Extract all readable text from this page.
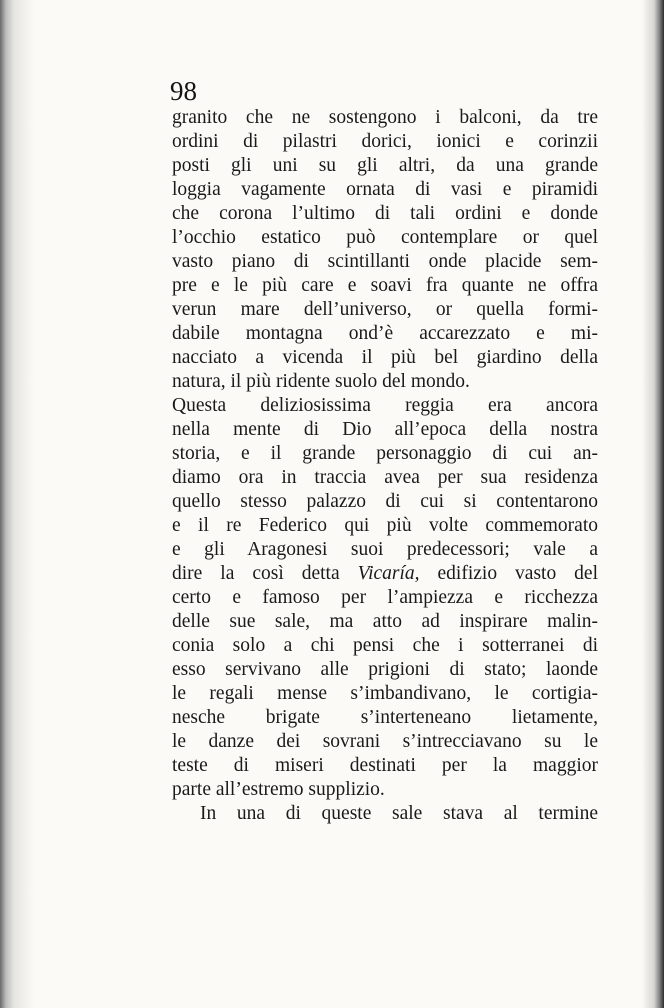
98
granito che ne sostengono i balconi, da tre
ordini di pilastri dorici, ionici e corinzii
posti gli uni su gli altri, da una grande
loggia vagamente ornata di vasi e piramidi
che corona l’ultimo di tali ordini e donde
l’occhio estatico può contemplare or quel
vasto piano di scintillanti onde placide sem-
pre e le più care e soavi fra quante ne offra
verun mare dell’universo, or quella formi-
dabile montagna ond’è accarezzato e mi-
nacciato a vicenda il più bel giardino della
natura, il più ridente suolo del mondo.
Questa deliziosissima reggia era ancora
nella mente di Dio all’epoca della nostra
storia, e il grande personaggio di cui an-
diamo ora in traccia avea per sua residenza
quello stesso palazzo di cui si contentarono
e il re Federico qui più volte commemorato
e gli Aragonesi suoi predecessori; vale a
dire la così detta Vicaría, edifizio vasto del
certo e famoso per l’ampiezza e ricchezza
delle sue sale, ma atto ad inspirare malin-
conia solo a chi pensi che i sotterranei di
esso servivano alle prigioni di stato; laonde
le regali mense s’imbandivano, le cortigia-
nesche brigate s’interteneano lietamente,
le danze dei sovrani s’intrecciavano su le
teste di miseri destinati per la maggior
parte all’estremo supplizio.
In una di queste sale stava al termine
